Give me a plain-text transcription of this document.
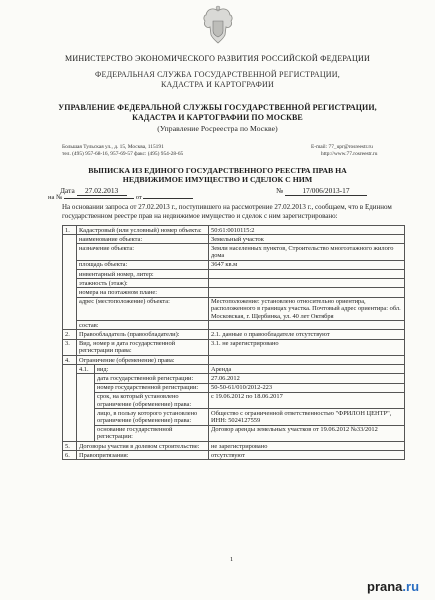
МИНИСТЕРСТВО ЭКОНОМИЧЕСКОГО РАЗВИТИЯ РОССИЙСКОЙ ФЕДЕРАЦИИ
ФЕДЕРАЛЬНАЯ СЛУЖБА ГОСУДАРСТВЕННОЙ РЕГИСТРАЦИИ,
КАДАСТРА И КАРТОГРАФИИ
УПРАВЛЕНИЕ ФЕДЕРАЛЬНОЙ СЛУЖБЫ ГОСУДАРСТВЕННОЙ РЕГИСТРАЦИИ,
КАДАСТРА И КАРТОГРАФИИ ПО МОСКВЕ
(Управление Росреестра по Москве)
Большая Тульская ул., д. 15, Москва, 115191
тел. (495) 957-68-16, 957-69-57 факс: (495) 954-28-65
E-mail: 77_upr@rosreestr.ru
http://www.77.rosreestr.ru
ВЫПИСКА ИЗ ЕДИНОГО ГОСУДАРСТВЕННОГО РЕЕСТРА ПРАВ НА
НЕДВИЖИМОЕ ИМУЩЕСТВО И СДЕЛОК С НИМ
Дата 27.02.2013	№	17/006/2013-17
на №	от
На основании запроса от 27.02.2013 г., поступившего на рассмотрение 27.02.2013 г., сообщаем, что в Единном государственном реестре прав на недвижимое имущество и сделок с ним зарегистрировано:
1.	Кадастровый (или условный) номер объекта:		50:61:0010115:2
	наименование объекта:		Земельный участок
	назначение объекта:		Земли населенных пунктов, Строительство многоэтажного жилого дома
	площадь объекта:		3647 кв.м
	инвентарный номер, литер:		
	этажность (этаж):		
	номера на поэтажном плане:		
	адрес (местоположение) объекта:		Местоположение: установлено относительно ориентира, расположенного в границах участка. Почтовый адрес ориентира: обл. Московская, г. Щербинка, ул. 40 лет Октября
	состав:		
2.	Правообладатель (правообладатели):		2.1. данные о правообладателе отсутствуют
3.	Вид, номер и дата государственной регистрации права:		3.1. не зарегистрировано
4.	Ограничение (обременение) права:		
	4.1.	вид:	Аренда
		дата государственной регистрации:	27.06.2012
		номер государственной регистрации:	50-50-61/010/2012-223
		срок, на который установлено ограничение (обременение) права:	с 19.06.2012 по 18.06.2017
		лицо, в пользу которого установлено ограничение (обременение) права:	Общество с ограниченной ответственностью "ФРИЛОН ЦЕНТР", ИНН: 5024127559
		основание государственной регистрации:	Договор аренды земельных участков от 19.06.2012 №33/2012
5.	Договоры участия в долевом строительстве:		не зарегистрировано
6.	Правопритязания:		отсутствуют
1
prana.ru
